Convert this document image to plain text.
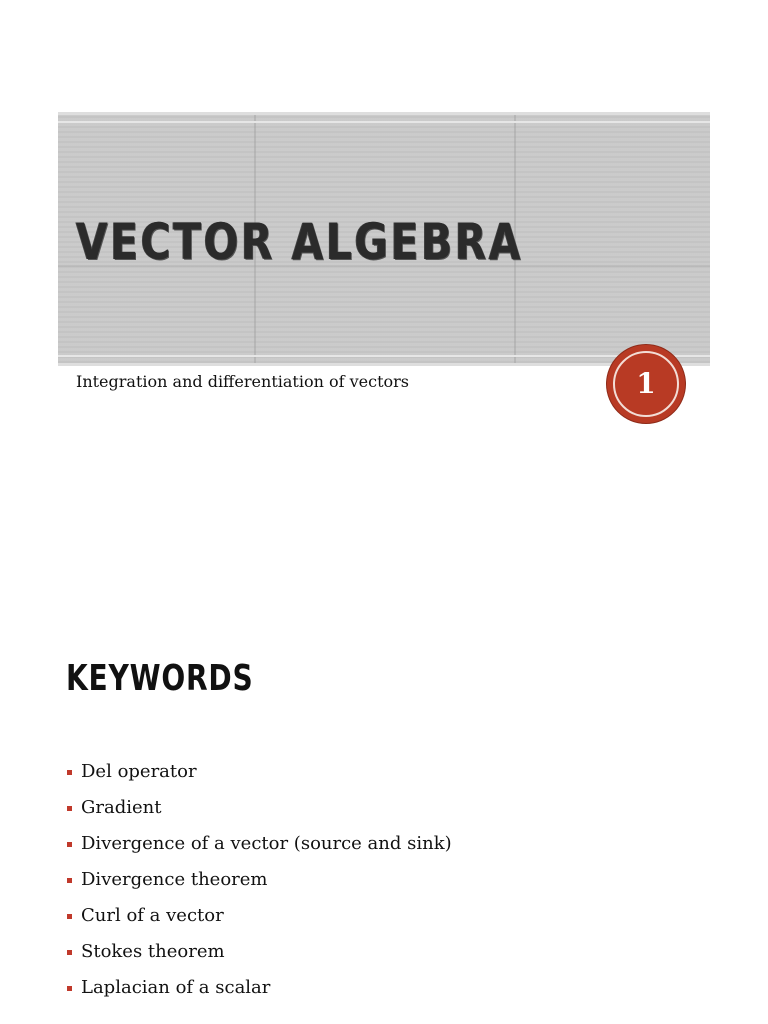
VECTOR ALGEBRA
Integration and differentiation of vectors	1
KEYWORDS
Del operator
Gradient
Divergence of a vector (source and sink)
Divergence theorem
Curl of a vector
Stokes theorem
Laplacian of a scalar
